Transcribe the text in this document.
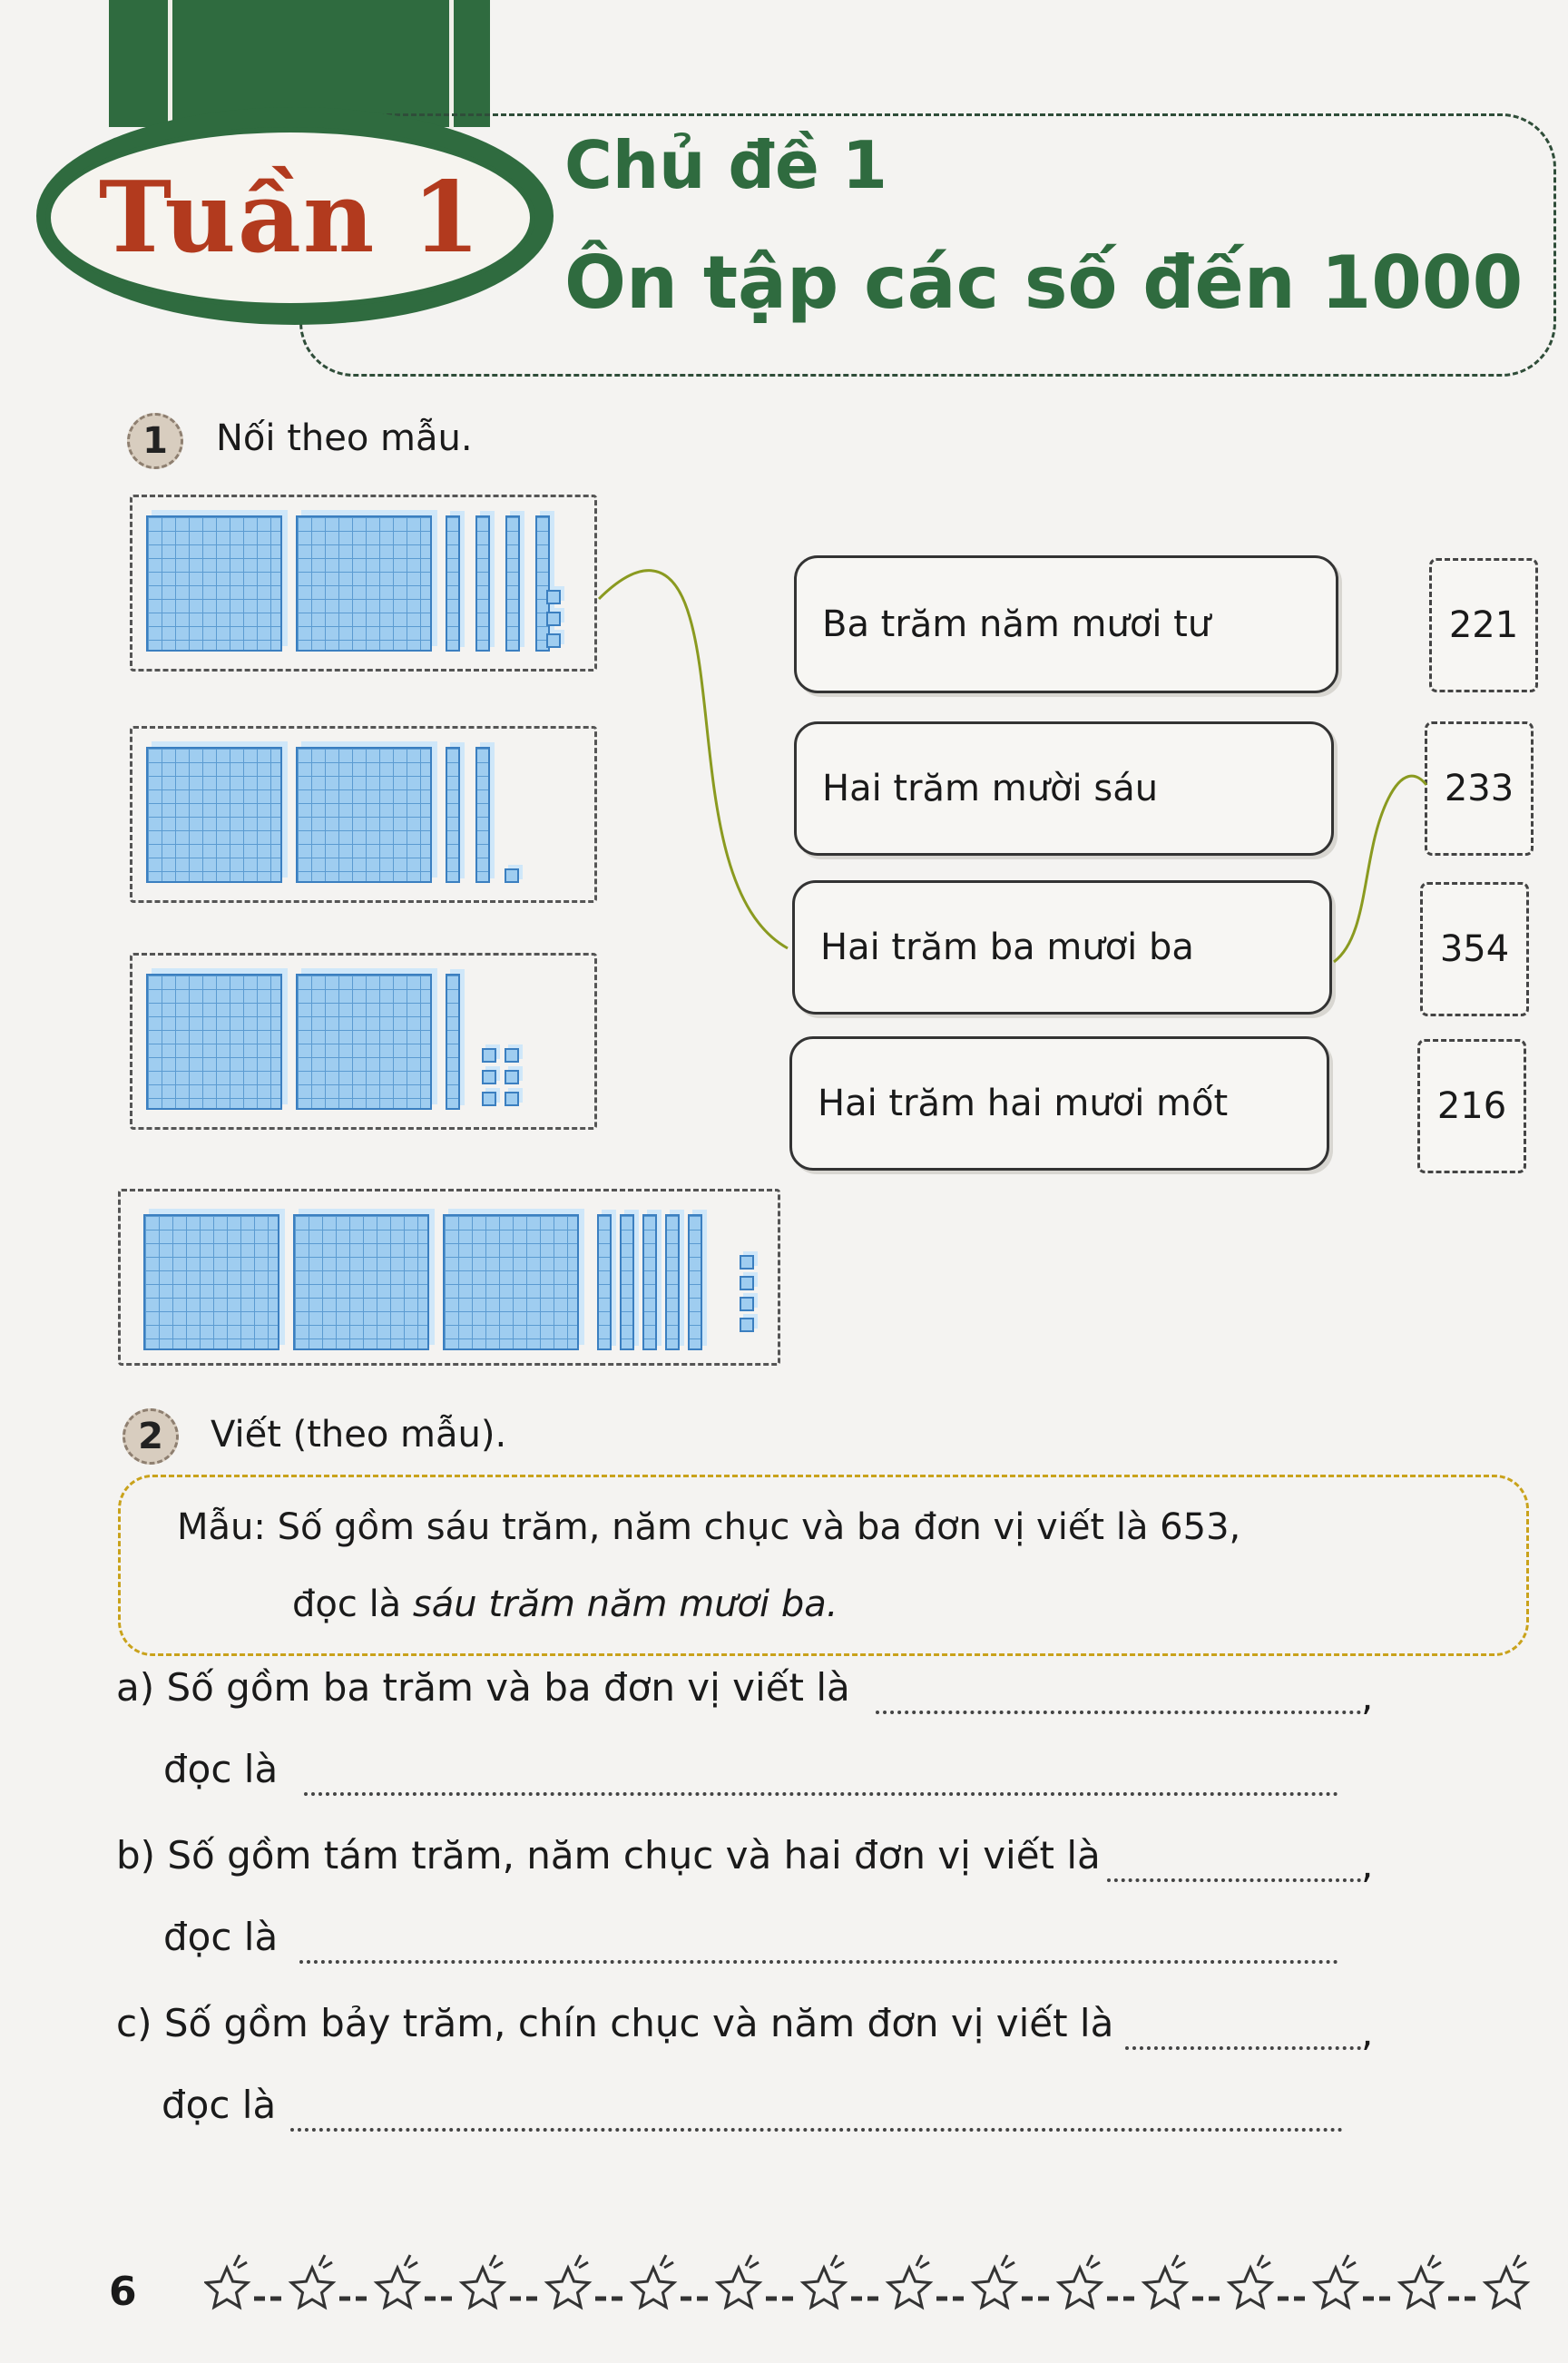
Tuần 1	Chủ đề 1
Ôn tập các số đến 1000
1	Nối theo mẫu.
Ba trăm năm mươi tư
Hai trăm mười sáu
Hai trăm ba mươi ba
Hai trăm hai mươi mốt
221
233
354
216
2	Viết (theo mẫu).
Mẫu: Số gồm sáu trăm, năm chục và ba đơn vị viết là 653,
đọc là sáu trăm năm mươi ba.
a) Số gồm ba trăm và ba đơn vị viết là	,
đọc là
b) Số gồm tám trăm, năm chục và hai đơn vị viết là	,
đọc là
c) Số gồm bảy trăm, chín chục và năm đơn vị viết là	,
đọc là
6
